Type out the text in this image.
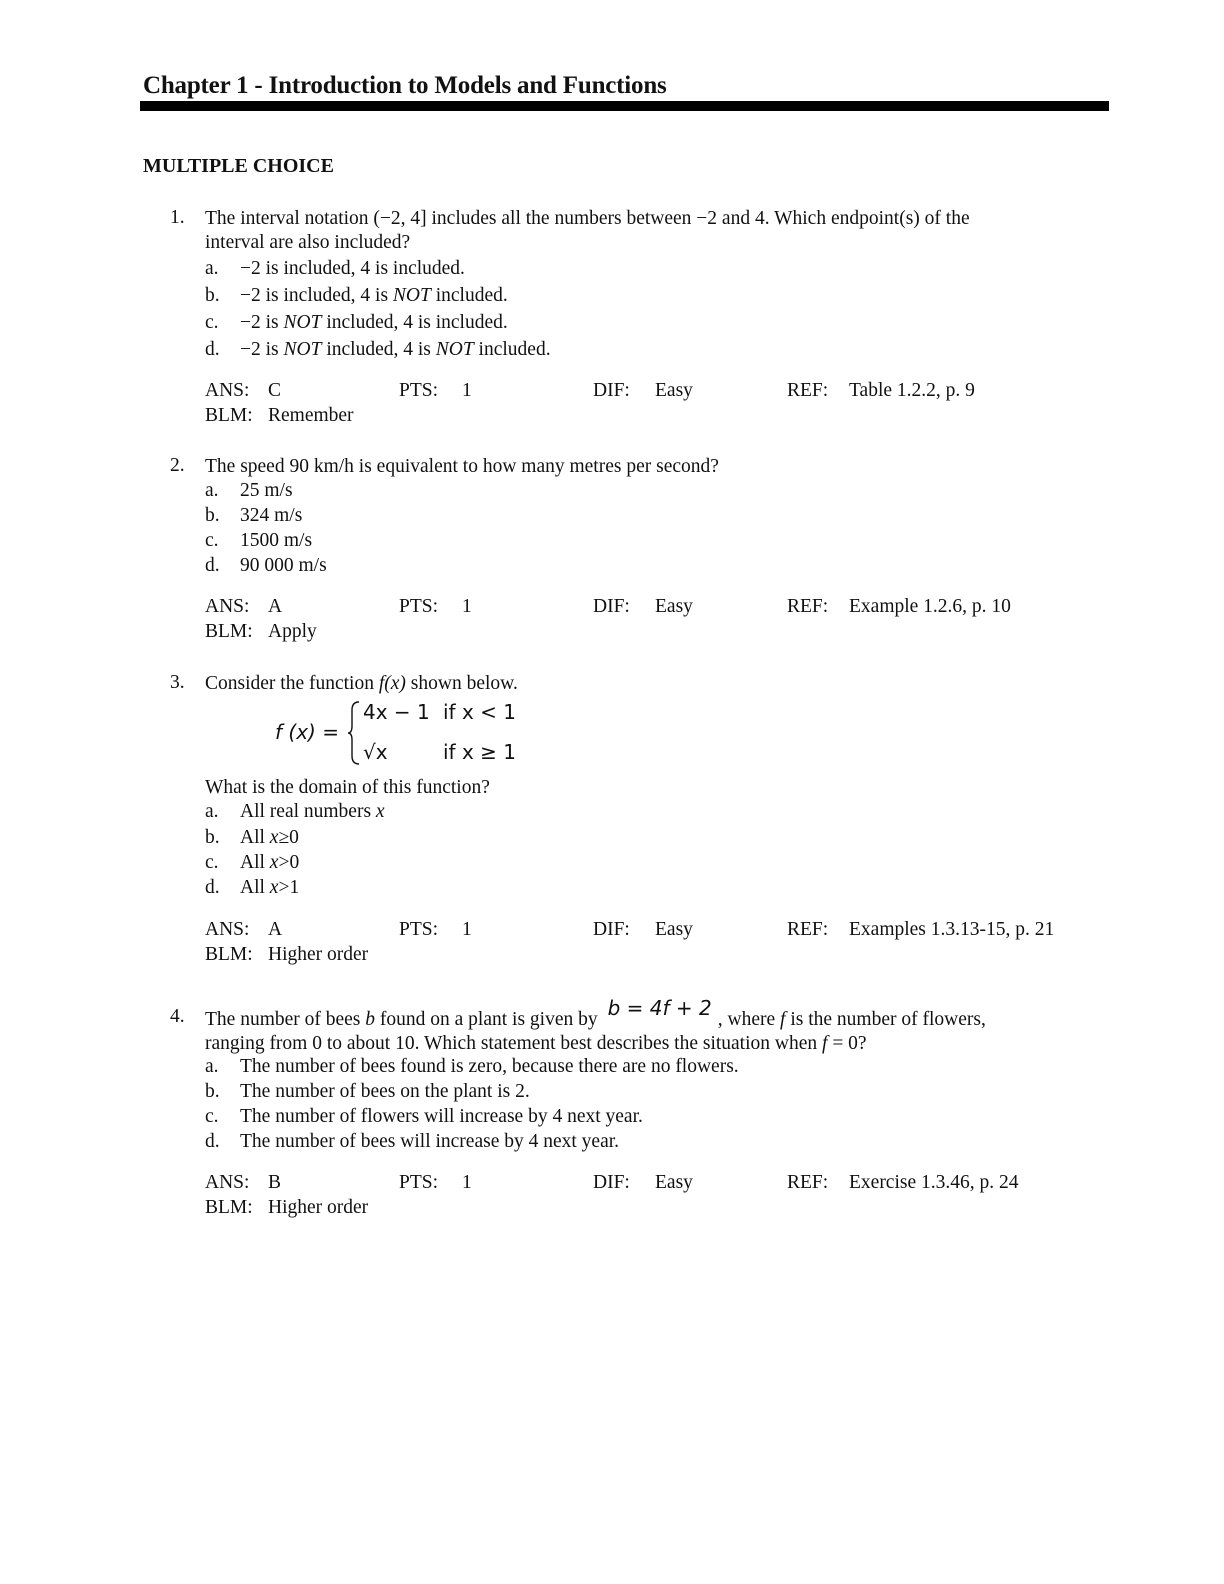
Chapter 1 - Introduction to Models and Functions
MULTIPLE CHOICE
1. The interval notation (−2, 4] includes all the numbers between −2 and 4. Which endpoint(s) of the
interval are also included?
a. −2 is included, 4 is included.
b. −2 is included, 4 is NOT included.
c. −2 is NOT included, 4 is included.
d. −2 is NOT included, 4 is NOT included.
ANS: C	PTS: 1	DIF: Easy	REF: Table 1.2.2, p. 9
BLM: Remember
2. The speed 90 km/h is equivalent to how many metres per second?
a. 25 m/s
b. 324 m/s
c. 1500 m/s
d. 90 000 m/s
ANS: A	PTS: 1	DIF: Easy	REF: Example 1.2.6, p. 10
BLM: Apply
3. Consider the function f(x) shown below.
f (x) =
4x − 1 if x < 1
√x	if x ≥ 1
What is the domain of this function?
a. All real numbers x
b. All x≥0
c. All x>0
d. All x>1
ANS: A	PTS: 1	DIF: Easy	REF: Examples 1.3.13-15, p. 21
BLM: Higher order
4. The number of bees b found on a plant is given by b = 4f + 2 , where f is the number of flowers,
ranging from 0 to about 10. Which statement best describes the situation when f = 0?
a. The number of bees found is zero, because there are no flowers.
b. The number of bees on the plant is 2.
c. The number of flowers will increase by 4 next year.
d. The number of bees will increase by 4 next year.
ANS: B	PTS: 1	DIF: Easy	REF: Exercise 1.3.46, p. 24
BLM: Higher order
